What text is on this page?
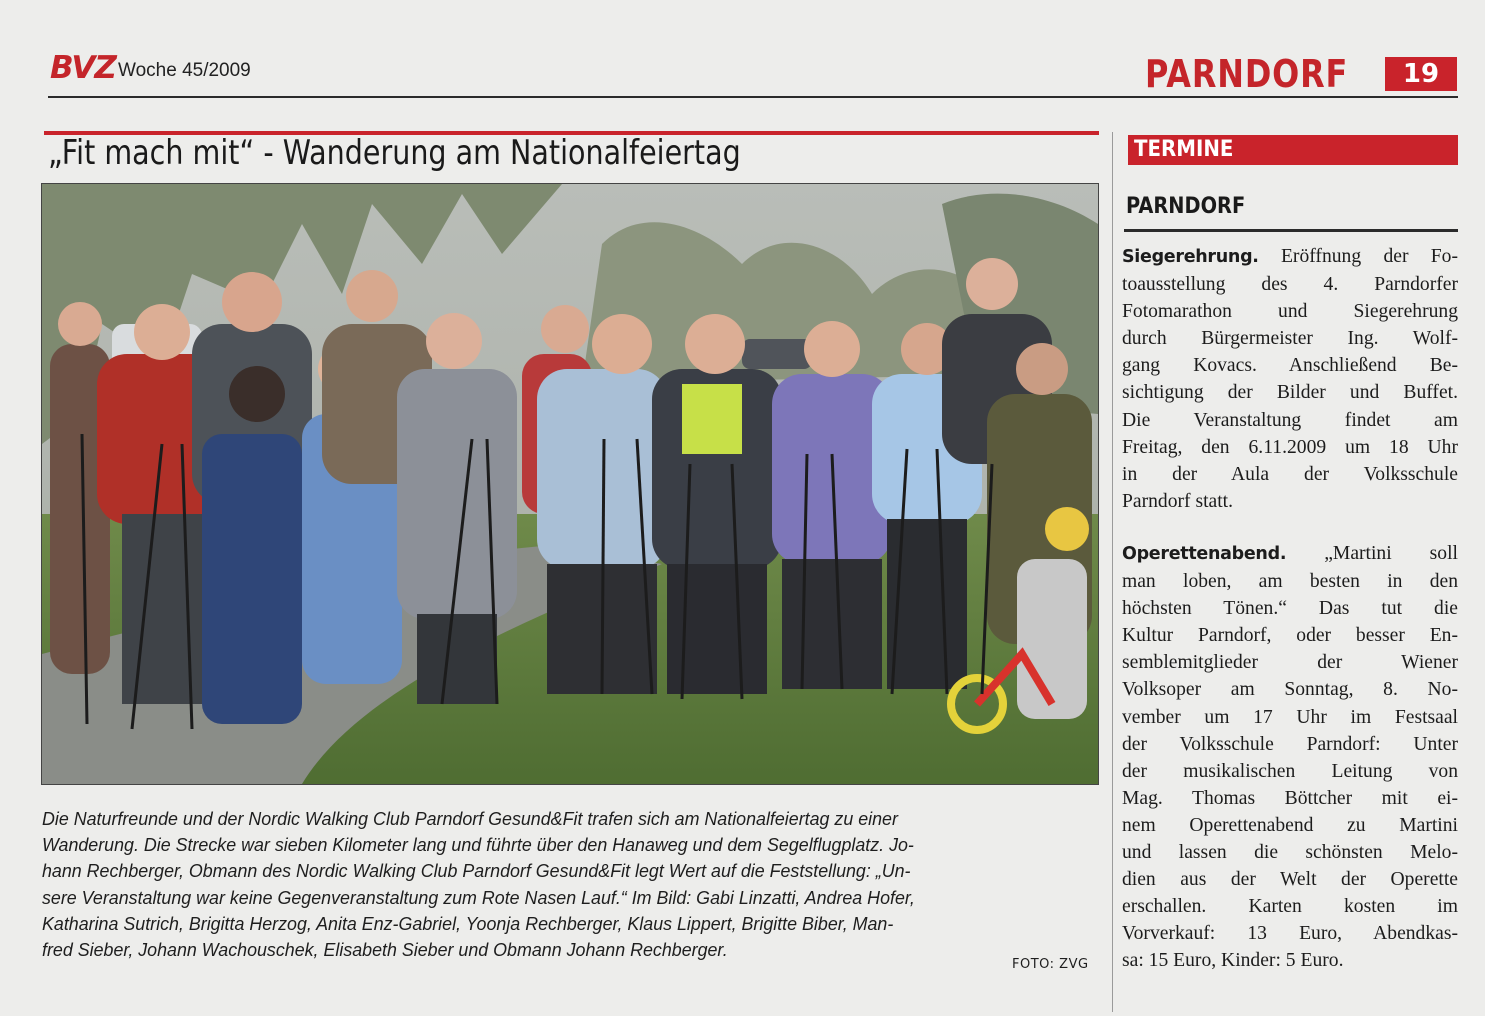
BVZ Woche 45/2009	PARNDORF	19
„Fit mach mit“ - Wanderung am Nationalfeiertag

Die Naturfreunde und der Nordic Walking Club Parndorf Gesund&Fit trafen sich am Nationalfeiertag zu einer

Wanderung. Die Strecke war sieben Kilometer lang und führte über den Hanaweg und dem Segelflugplatz. Jo-

hann Rechberger, Obmann des Nordic Walking Club Parndorf Gesund&Fit legt Wert auf die Feststellung: „Un-

sere Veranstaltung war keine Gegenveranstaltung zum Rote Nasen Lauf.“ Im Bild: Gabi Linzatti, Andrea Hofer,

Katharina Sutrich, Brigitta Herzog, Anita Enz-Gabriel, Yoonja Rechberger, Klaus Lippert, Brigitte Biber, Man-

fred Sieber, Johann Wachouschek, Elisabeth Sieber und Obmann Johann Rechberger.

FOTO: ZVG
TERMINE
PARNDORF

Siegerehrung. Eröffnung der Fo-

toausstellung des 4. Parndorfer

Fotomarathon und Siegerehrung

durch Bürgermeister Ing. Wolf-

gang Kovacs. Anschließend Be-

sichtigung der Bilder und Buffet.

Die Veranstaltung findet am

Freitag, den 6.11.2009 um 18 Uhr

in der Aula der Volksschule

Parndorf statt.

Operettenabend. „Martini soll

man loben, am besten in den

höchsten Tönen.“ Das tut die

Kultur Parndorf, oder besser En-

semblemitglieder der Wiener

Volksoper am Sonntag, 8. No-

vember um 17 Uhr im Festsaal

der Volksschule Parndorf: Unter

der musikalischen Leitung von

Mag. Thomas Böttcher mit ei-

nem Operettenabend zu Martini

und lassen die schönsten Melo-

dien aus der Welt der Operette

erschallen. Karten kosten im

Vorverkauf: 13 Euro, Abendkas-

sa: 15 Euro, Kinder: 5 Euro.
